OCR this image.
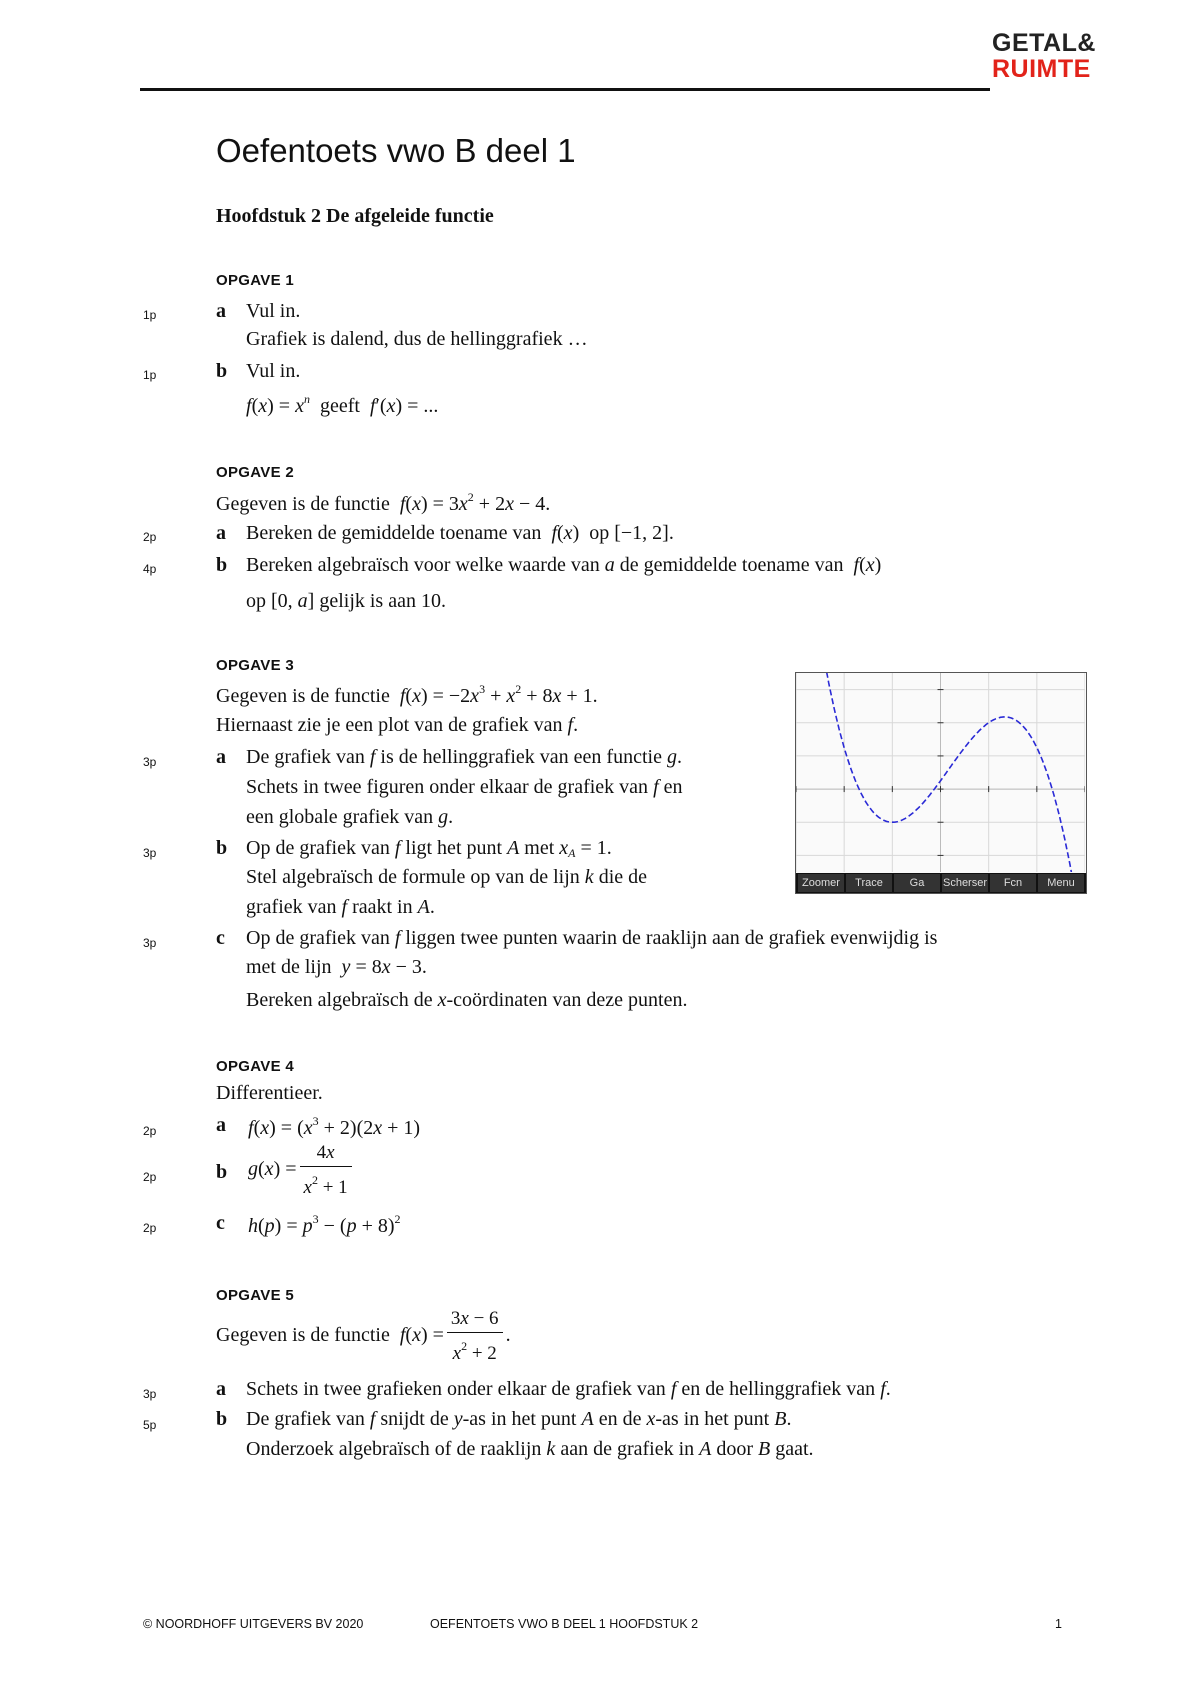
GETAL&
RUIMTE
Oefentoets vwo B deel 1
Hoofdstuk 2 De afgeleide functie
OPGAVE 1
1p	a Vul in.
Grafiek is dalend, dus de hellinggrafiek …
1p	b Vul in.
$f(x) = x^n$ geeft f′(x) = ...
OPGAVE 2
Gegeven is de functie $f(x) = 3x^2 + 2x - 4$.
2p	a Bereken de gemiddelde toename van f(x)  op [−1, 2].
4p	b Bereken algebraïsch voor welke waarde van a de gemiddelde toename van f(x)
op [0, a] gelijk is aan 10.
OPGAVE 3
Gegeven is de functie $f(x) = -2x^3 + x^2 + 8x + 1$.
Hiernaast zie je een plot van de grafiek van f.
3p	a De grafiek van f is de hellinggrafiek van een functie g.
Schets in twee figuren onder elkaar de grafiek van f en
een globale grafiek van g.
3p	b Op de grafiek van f ligt het punt A met $x_A = 1$.
Stel algebraïsch de formule op van de lijn k die de
grafiek van f raakt in A.
3p	c Op de grafiek van f liggen twee punten waarin de raaklijn aan de grafiek evenwijdig is
met de lijn y = 8x − 3.
Bereken algebraïsch de x-coördinaten van deze punten.
Zoomer	Trace	Ga	Scherser	Fcn	Menu
OPGAVE 4
Differentieer.
2p	a $f(x) = (x^3 + 2)(2x + 1)$
2p	b $g(x) = \frac{4x}{x^2 + 1}$
2p	c $h(p) = p^3 - (p + 8)^2$
OPGAVE 5
Gegeven is de functie $f(x) = \frac{3x - 6}{x^2 + 2}$ .
3p	a Schets in twee grafieken onder elkaar de grafiek van f en de hellinggrafiek van f.
5p	b De grafiek van f snijdt de y-as in het punt A en de x-as in het punt B.
Onderzoek algebraïsch of de raaklijn k aan de grafiek in A door B gaat.
© NOORDHOFF UITGEVERS BV 2020	OEFENTOETS VWO B DEEL 1 HOOFDSTUK 2	1
